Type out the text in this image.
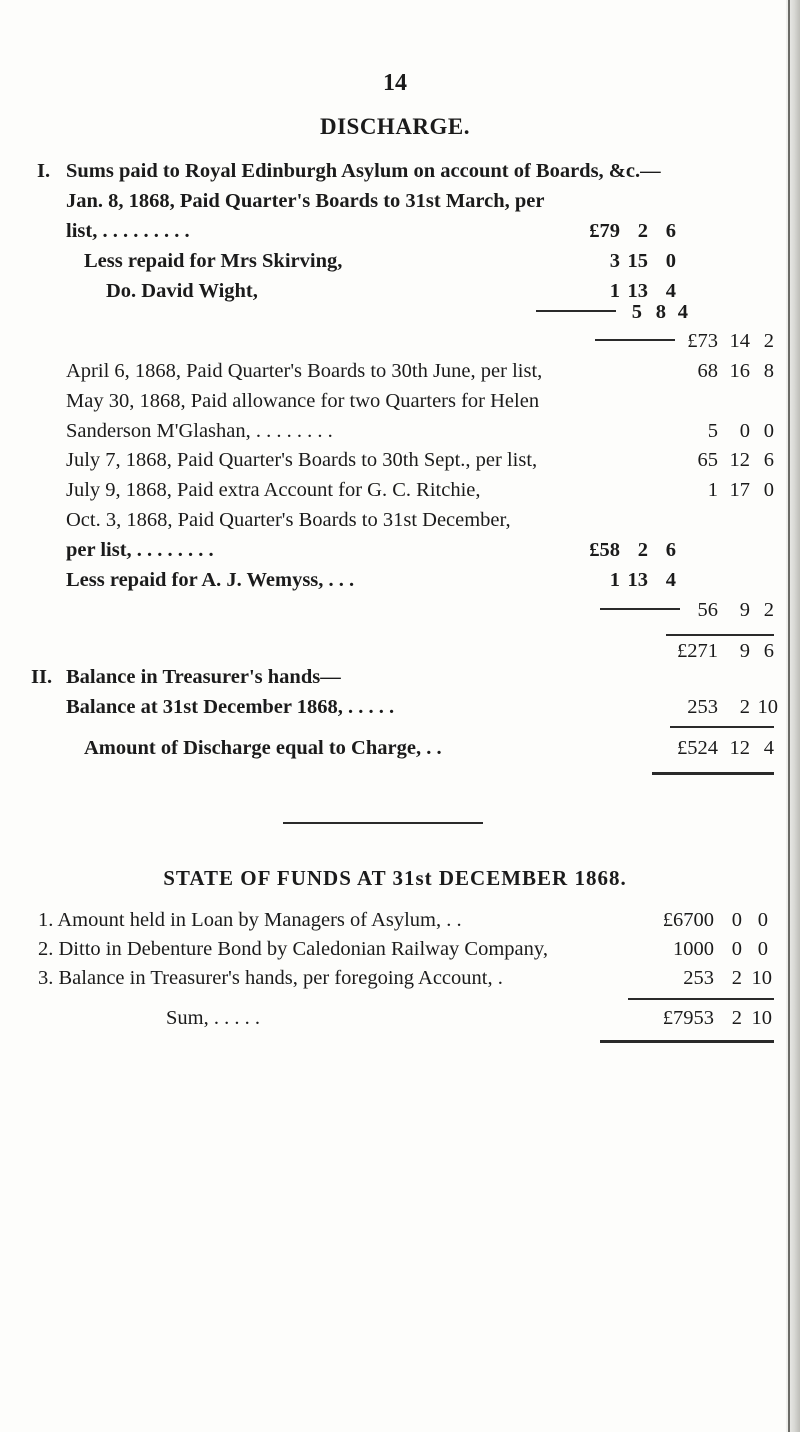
14
DISCHARGE.
I. Sums paid to Royal Edinburgh Asylum on account of Boards, &c.—
Jan. 8, 1868, Paid Quarter's Boards to 31st March, per
list, . . . . . . . . .	£79 2 6
Less repaid for Mrs Skirving,	3 15 0
Do. David Wight,	1 13 4
5 8 4
£73 14 2
April 6, 1868, Paid Quarter's Boards to 30th June, per list,	68 16 8
May 30, 1868, Paid allowance for two Quarters for Helen
Sanderson M'Glashan, . . . . . . . .	5	0 0
July 7, 1868, Paid Quarter's Boards to 30th Sept., per list,	65 12 6
July 9, 1868, Paid extra Account for G. C. Ritchie,	1 17 0
Oct. 3, 1868, Paid Quarter's Boards to 31st December,
per list, . . . . . . . .	£58 2 6
Less repaid for A. J. Wemyss, . . .	1 13 4
56	9 2
£271	9 6
II. Balance in Treasurer's hands—
Balance at 31st December 1868, . . . . .	253	2 10
Amount of Discharge equal to Charge, . .	£524 12 4
STATE OF FUNDS AT 31st DECEMBER 1868.
1. Amount held in Loan by Managers of Asylum, . .	£6700 0 0
2. Ditto in Debenture Bond by Caledonian Railway Company,	1000 0 0
3. Balance in Treasurer's hands, per foregoing Account, .	253 2 10
Sum, . . . . .	£7953 2 10
